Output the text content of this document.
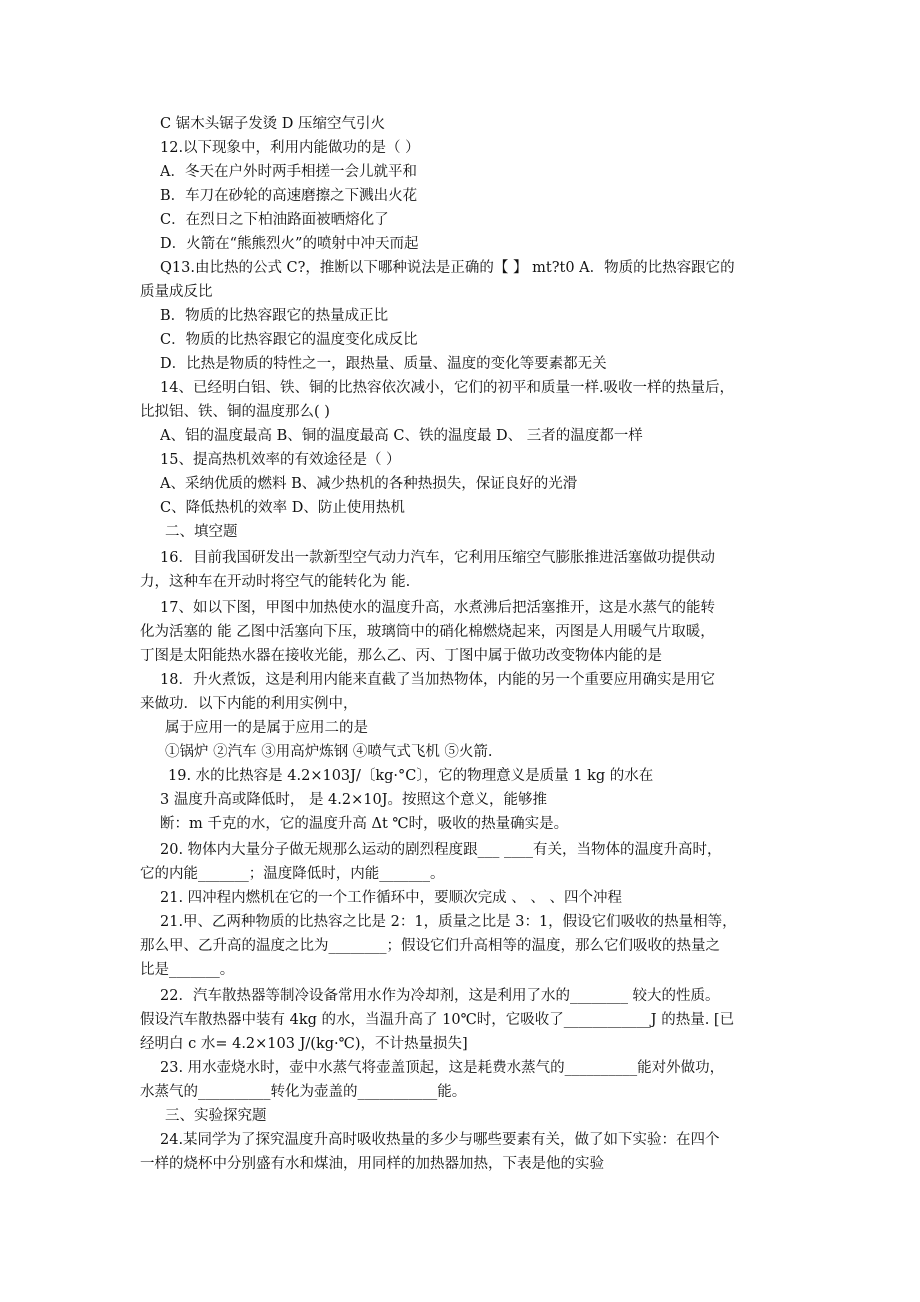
C 锯木头锯子发烫 D 压缩空气引火
12.以下现象中，利用内能做功的是（ ）
A．冬天在户外时两手相搓一会儿就平和
B．车刀在砂轮的高速磨擦之下溅出火花
C．在烈日之下柏油路面被晒熔化了
D．火箭在“熊熊烈火”的喷射中冲天而起
Q13.由比热的公式 C?，推断以下哪种说法是正确的【 】 mt?t0 A．物质的比热容跟它的
质量成反比
B．物质的比热容跟它的热量成正比
C．物质的比热容跟它的温度变化成反比
D．比热是物质的特性之一，跟热量、质量、温度的变化等要素都无关
14、已经明白铝、铁、铜的比热容依次减小，它们的初平和质量一样.吸收一样的热量后，
比拟铝、铁、铜的温度那么( )
A、铝的温度最高 B、铜的温度最高 C、铁的温度最 D、 三者的温度都一样
15、提高热机效率的有效途径是（ ）
A、采纳优质的燃料 B、减少热机的各种热损失，保证良好的光滑
C、降低热机的效率 D、防止使用热机
二、填空题
16．目前我国研发出一款新型空气动力汽车，它利用压缩空气膨胀推进活塞做功提供动
力，这种车在开动时将空气的能转化为 能.
17、如以下图，甲图中加热使水的温度升高，水煮沸后把活塞推开，这是水蒸气的能转
化为活塞的 能 乙图中活塞向下压，玻璃筒中的硝化棉燃烧起来，丙图是人用暖气片取暖，
丁图是太阳能热水器在接收光能，那么乙、丙、丁图中属于做功改变物体内能的是
18．升火煮饭，这是利用内能来直截了当加热物体，内能的另一个重要应用确实是用它
来做功．以下内能的利用实例中，
属于应用一的是属于应用二的是
①锅炉 ②汽车 ③用高炉炼钢 ④喷气式飞机 ⑤火箭.
19. 水的比热容是 4.2×103J/〔kg·°C〕，它的物理意义是质量 1 kg 的水在
3 温度升高或降低时， 是 4.2×10J。按照这个意义，能够推
断：m 千克的水，它的温度升高 Δt ℃时，吸收的热量确实是。
20. 物体内大量分子做无规那么运动的剧烈程度跟___ ____有关，当物体的温度升高时，
它的内能_______；温度降低时，内能_______。
21. 四冲程内燃机在它的一个工作循环中，要顺次完成 、 、 、四个冲程
21.甲、乙两种物质的比热容之比是 2：1，质量之比是 3：1，假设它们吸收的热量相等，
那么甲、乙升高的温度之比为________；假设它们升高相等的温度，那么它们吸收的热量之
比是_______。
22．汽车散热器等制冷设备常用水作为冷却剂，这是利用了水的________ 较大的性质。
假设汽车散热器中装有 4kg 的水，当温升高了 10℃时，它吸收了____________J 的热量. [已
经明白 c 水= 4.2×103 J/(kg·℃)，不计热量损失]
23. 用水壶烧水时，壶中水蒸气将壶盖顶起，这是耗费水蒸气的__________能对外做功，
水蒸气的__________转化为壶盖的___________能。
三、实验探究题
24.某同学为了探究温度升高时吸收热量的多少与哪些要素有关，做了如下实验：在四个
一样的烧杯中分别盛有水和煤油，用同样的加热器加热，下表是他的实验
